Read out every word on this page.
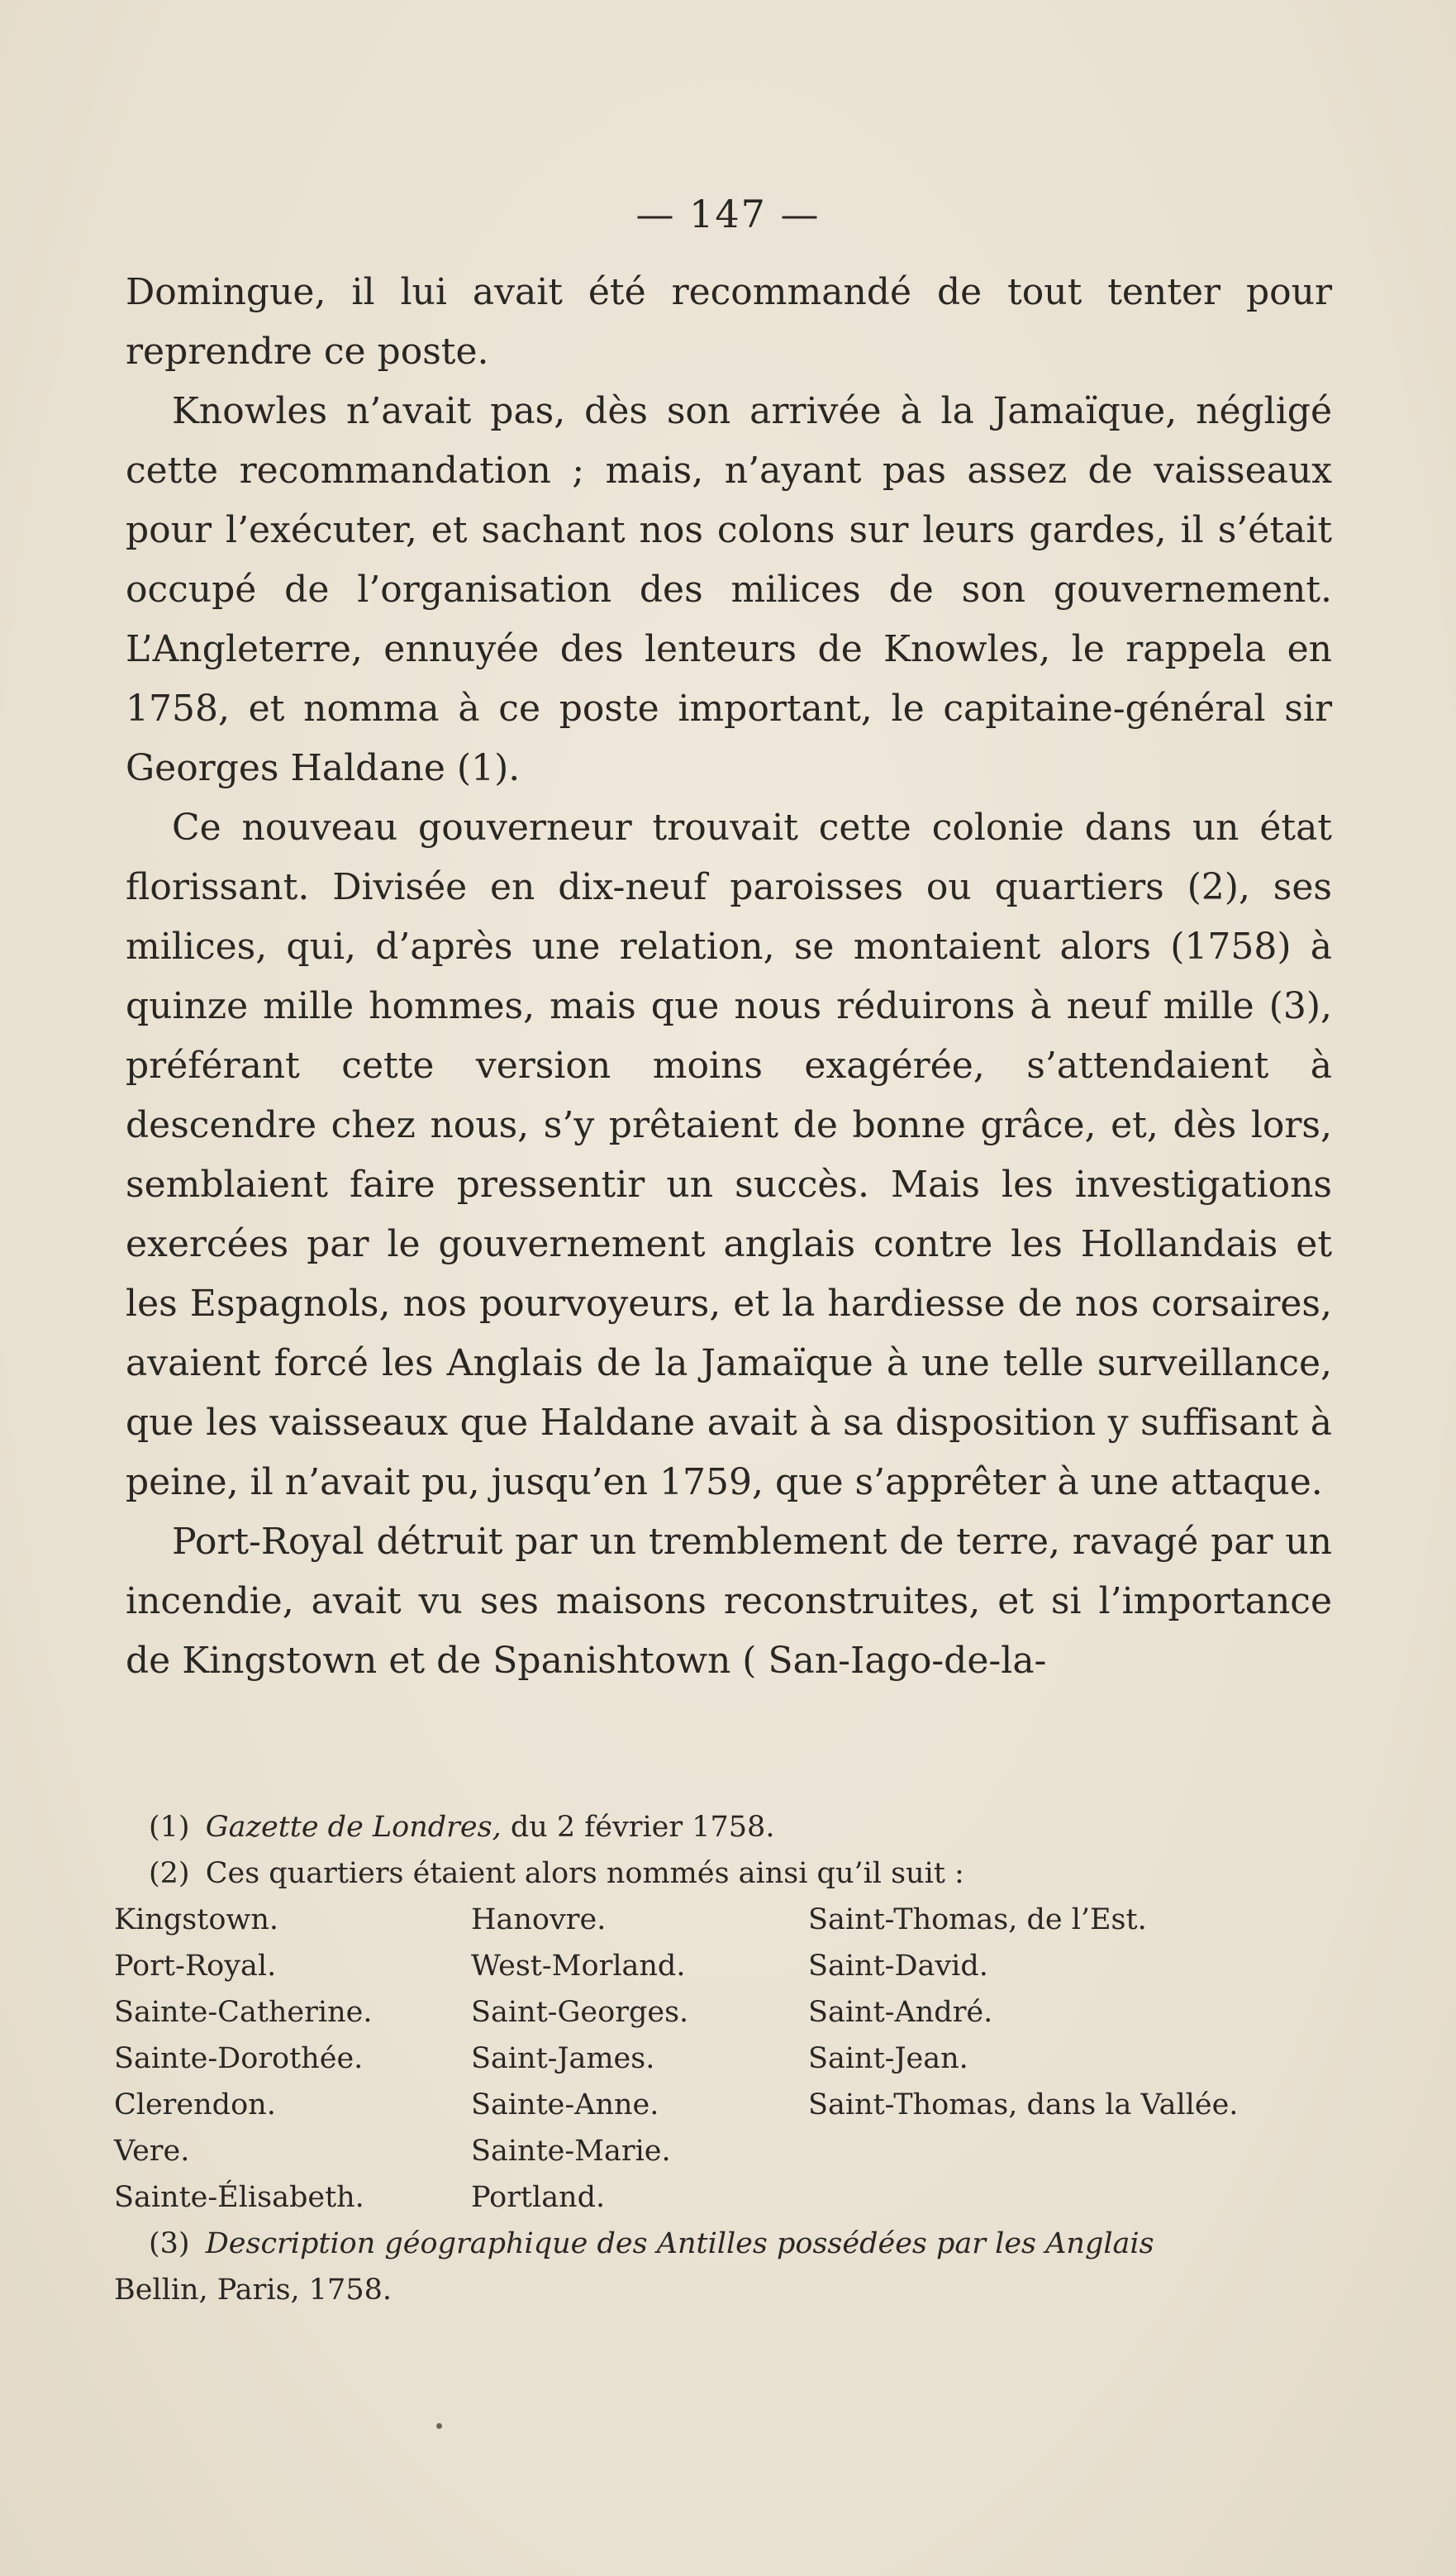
— 147 —

Domingue, il lui avait été recommandé de tout tenter pour reprendre ce poste.

Knowles n’avait pas, dès son arrivée à la Jamaïque, négligé cette recommandation ; mais, n’ayant pas assez de vaisseaux pour l’exécuter, et sachant nos colons sur leurs gardes, il s’était occupé de l’organisation des milices de son gouvernement. L’Angleterre, ennuyée des lenteurs de Knowles, le rappela en 1758, et nomma à ce poste important, le capitaine-général sir Georges Haldane (1).

Ce nouveau gouverneur trouvait cette colonie dans un état florissant. Divisée en dix-neuf paroisses ou quartiers (2), ses milices, qui, d’après une relation, se montaient alors (1758) à quinze mille hommes, mais que nous réduirons à neuf mille (3), préférant cette version moins exagérée, s’attendaient à descendre chez nous, s’y prêtaient de bonne grâce, et, dès lors, semblaient faire pressentir un succès. Mais les investigations exercées par le gouvernement anglais contre les Hollandais et les Espagnols, nos pourvoyeurs, et la hardiesse de nos corsaires, avaient forcé les Anglais de la Jamaïque à une telle surveillance, que les vaisseaux que Haldane avait à sa disposition y suffisant à peine, il n’avait pu, jusqu’en 1759, que s’apprêter à une attaque.

Port-Royal détruit par un tremblement de terre, ravagé par un incendie, avait vu ses maisons reconstruites, et si l’importance de Kingstown et de Spanishtown ( San-Iago-de-la-

(1) Gazette de Londres, du 2 février 1758.

(2) Ces quartiers étaient alors nommés ainsi qu’il suit :

Kingstown.
Port-Royal.
Sainte-Catherine.
Sainte-Dorothée.
Clerendon.
Vere.
Sainte-Élisabeth.
Hanovre.
West-Morland.
Saint-Georges.
Saint-James.
Sainte-Anne.
Sainte-Marie.
Portland.
Saint-Thomas, de l’Est.
Saint-David.
Saint-André.
Saint-Jean.
Saint-Thomas, dans la Vallée.

(3) Description géographique des Antilles possédées par les Anglais

Bellin, Paris, 1758.
